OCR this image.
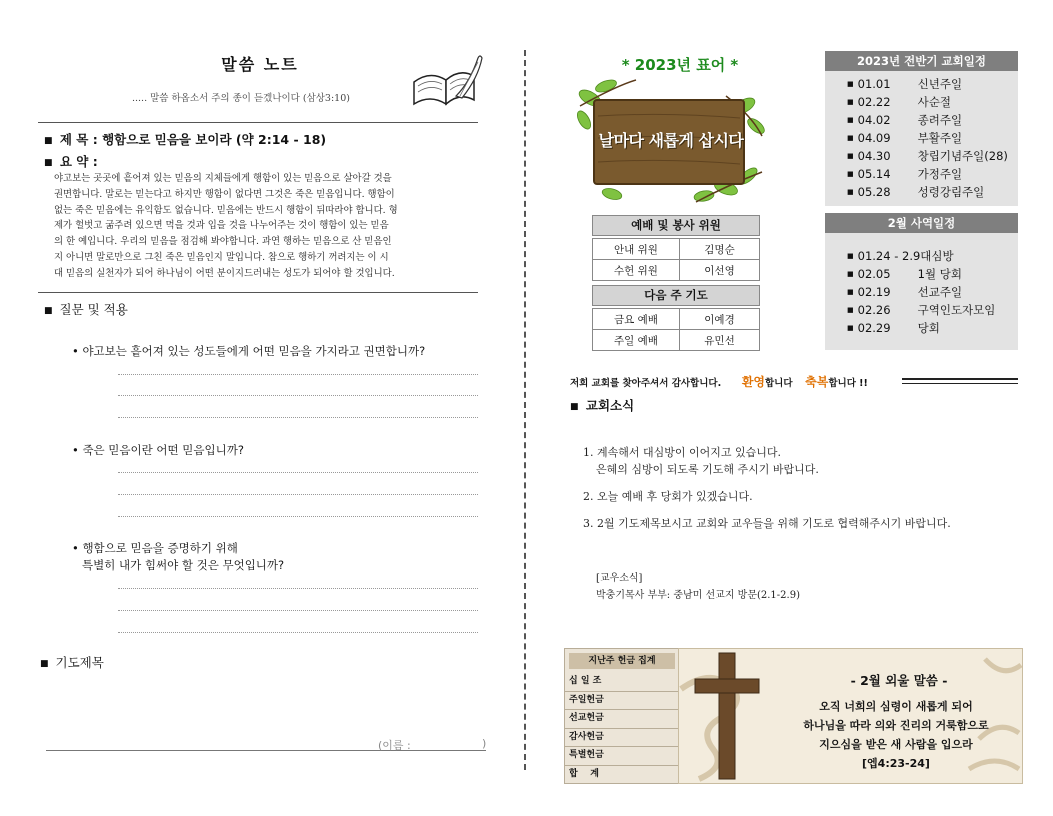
말씀 노트
..... 말씀 하옵소서 주의 종이 듣겠나이다 (삼상3:10)
■ 제 목 : 행함으로 믿음을 보이라 (약 2:14 - 18)
■ 요 약 :
야고보는 곳곳에 흩어져 있는 믿음의 지체들에게 행함이 있는 믿음으로 살아갈 것을
권면합니다. 말로는 믿는다고 하지만 행함이 없다면 그것은 죽은 믿음입니다. 행함이
없는 죽은 믿음에는 유익함도 없습니다. 믿음에는 반드시 행함이 뒤따라야 합니다. 형
제가 헐벗고 굶주려 있으면 먹을 것과 입을 것을 나누어주는 것이 행함이 있는 믿음
의 한 예입니다. 우리의 믿음을 점검해 봐야합니다. 과연 행하는 믿음으로 산 믿음인
지 아니면 말로만으로 그친 죽은 믿음인지 말입니다. 참으로 행하기 꺼려지는 이 시
대 믿음의 실천자가 되어 하나님이 어떤 분이지드러내는 성도가 되어야 할 것입니다.
■ 질문 및 적용
• 야고보는 흩어져 있는 성도들에게 어떤 믿음을 가지라고 권면합니까?
• 죽은 믿음이란 어떤 믿음입니까?
• 행함으로 믿음을 증명하기 위해
특별히 내가 힘써야 할 것은 무엇입니까?
■ 기도제목
(이름 :	)
* 2023년 표어 *
날마다 새롭게 삽시다
예배 및 봉사 위원
안내 위원	김명순
수헌 위원	이선영
다음 주 기도
금요 예배	이예경
주일 예배	유민선
2023년 전반기 교회일정
■ 01.01 신년주일
■ 02.22 사순절
■ 04.02 종려주일
■ 04.09 부활주일
■ 04.30 창립기념주일(28)
■ 05.14 가정주일
■ 05.28 성령강림주일
2월 사역일정
■ 01.24 - 2.9대심방
■ 02.05 1월 당회
■ 02.19 선교주일
■ 02.26 구역인도자모임
■ 02.29 당회
저희 교회를 찾아주셔서 감사합니다. 환영합니다 축복합니다 !!
■ 교회소식
1. 계속해서 대심방이 이어지고 있습니다.
은혜의 심방이 되도록 기도해 주시기 바랍니다.
2. 오늘 예배 후 당회가 있겠습니다.
3. 2월 기도제목보시고 교회와 교우들을 위해 기도로 협력해주시기 바랍니다.
[교우소식]
박충기목사 부부: 중남미 선교지 방문(2.1-2.9)
지난주 헌금 집계
십 일 조
주일헌금
선교헌금
감사헌금
특별헌금
합    계
- 2월 외울 말씀 -
오직 너희의 심령이 새롭게 되어
하나님을 따라 의와 진리의 거룩함으로
지으심을 받은 새 사람을 입으라
[엡4:23-24]
